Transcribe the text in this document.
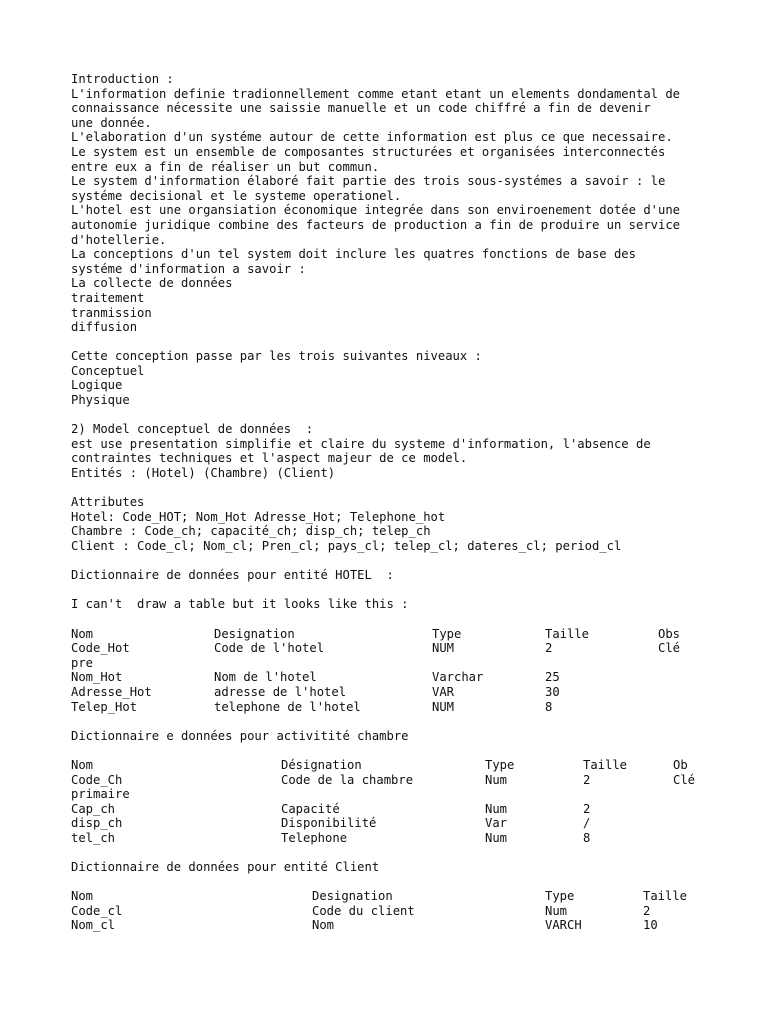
Introduction :
L'information definie tradionnellement comme etant etant un elements dondamental de
connaissance nécessite une saissie manuelle et un code chiffré a fin de devenir
une donnée.
L'elaboration d'un systéme autour de cette information est plus ce que necessaire.
Le system est un ensemble de composantes structurées et organisées interconnectés
entre eux a fin de réaliser un but commun.
Le system d'information élaboré fait partie des trois sous-systémes a savoir : le
systéme decisional et le systeme operationel.
L'hotel est une organsiation économique integrée dans son enviroenement dotée d'une
autonomie juridique combine des facteurs de production a fin de produire un service
d'hotellerie.
La conceptions d'un tel system doit inclure les quatres fonctions de base des
systéme d'information a savoir :
La collecte de données
traitement
tranmission
diffusion
Cette conception passe par les trois suivantes niveaux :
Conceptuel
Logique
Physique
2) Model conceptuel de données  :
est use presentation simplifie et claire du systeme d'information, l'absence de
contraintes techniques et l'aspect majeur de ce model.
Entités : (Hotel) (Chambre) (Client)
Attributes
Hotel: Code_HOT; Nom_Hot Adresse_Hot; Telephone_hot
Chambre : Code_ch; capacité_ch; disp_ch; telep_ch
Client : Code_cl; Nom_cl; Pren_cl; pays_cl; telep_cl; dateres_cl; period_cl
Dictionnaire de données pour entité HOTEL  :
I can't  draw a table but it looks like this :
Nom	Designation	Type	Taille	Obs
Code_Hot	Code de l'hotel	NUM	2	Clé
pre
Nom_Hot	Nom de l'hotel	Varchar	25
Adresse_Hot	adresse de l'hotel	VAR	30
Telep_Hot	telephone de l'hotel	NUM	8
Dictionnaire e données pour activitité chambre
Nom	Désignation	Type	Taille	Ob
Code_Ch	Code de la chambre	Num	2	Clé
primaire
Cap_ch	Capacité	Num	2
disp_ch	Disponibilité	Var	/
tel_ch	Telephone	Num	8
Dictionnaire de données pour entité Client
Nom	Designation	Type	Taille
Code_cl	Code du client	Num	2
Nom_cl	Nom	VARCH	10
